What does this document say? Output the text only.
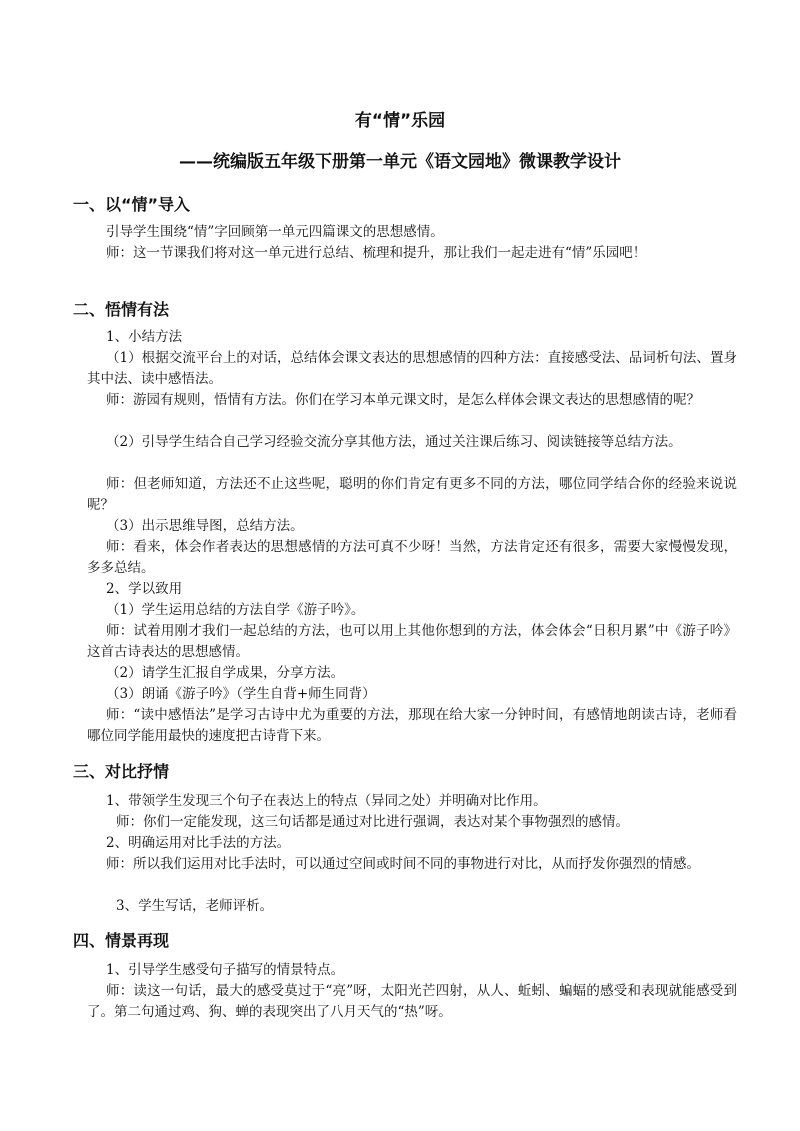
有“情”乐园
——统编版五年级下册第一单元《语文园地》微课教学设计
一、以“情”导入
引导学生围绕“情”字回顾第一单元四篇课文的思想感情。
师：这一节课我们将对这一单元进行总结、梳理和提升，那让我们一起走进有“情”乐园吧！
二、悟情有法
1、小结方法
（1）根据交流平台上的对话，总结体会课文表达的思想感情的四种方法：直接感受法、品词析句法、置身其中法、读中感悟法。
师：游园有规则，悟情有方法。你们在学习本单元课文时，是怎么样体会课文表达的思想感情的呢？
（2）引导学生结合自己学习经验交流分享其他方法，通过关注课后练习、阅读链接等总结方法。
师：但老师知道，方法还不止这些呢，聪明的你们肯定有更多不同的方法，哪位同学结合你的经验来说说呢？
（3）出示思维导图，总结方法。
师：看来，体会作者表达的思想感情的方法可真不少呀！当然，方法肯定还有很多，需要大家慢慢发现，多多总结。
2、学以致用
（1）学生运用总结的方法自学《游子吟》。
师：试着用刚才我们一起总结的方法，也可以用上其他你想到的方法，体会体会“日积月累”中《游子吟》这首古诗表达的思想感情。
（2）请学生汇报自学成果，分享方法。
（3）朗诵《游子吟》（学生自背+师生同背）
师：“读中感悟法”是学习古诗中尤为重要的方法，那现在给大家一分钟时间，有感情地朗读古诗，老师看哪位同学能用最快的速度把古诗背下来。
三、对比抒情
1、带领学生发现三个句子在表达上的特点（异同之处）并明确对比作用。
师：你们一定能发现，这三句话都是通过对比进行强调，表达对某个事物强烈的感情。
2、明确运用对比手法的方法。
师：所以我们运用对比手法时，可以通过空间或时间不同的事物进行对比，从而抒发你强烈的情感。
3、学生写话，老师评析。
四、情景再现
1、引导学生感受句子描写的情景特点。
师：读这一句话，最大的感受莫过于“亮”呀，太阳光芒四射，从人、蚯蚓、蝙蝠的感受和表现就能感受到了。第二句通过鸡、狗、蝉的表现突出了八月天气的“热”呀。
